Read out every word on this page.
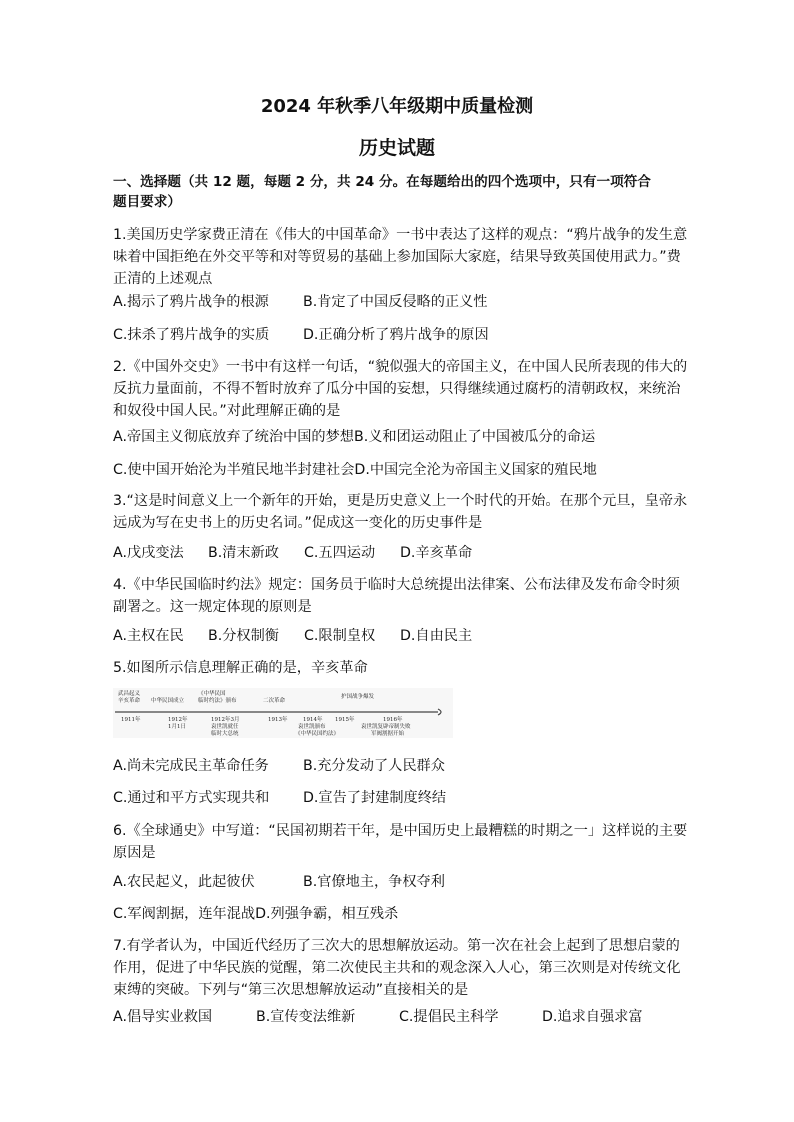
2024 年秋季八年级期中质量检测
历史试题
一、选择题（共 12 题，每题 2 分，共 24 分。在每题给出的四个选项中，只有一项符合
题目要求）

1.美国历史学家费正清在《伟大的中国革命》一书中表达了这样的观点：“鸦片战争的发生意味着中国拒绝在外交平等和对等贸易的基础上参加国际大家庭，结果导致英国使用武力。”费正清的上述观点

A.揭示了鸦片战争的根源 B.肯定了中国反侵略的正义性
C.抹杀了鸦片战争的实质 D.正确分析了鸦片战争的原因

2.《中国外交史》一书中有这样一句话，“貌似强大的帝国主义，在中国人民所表现的伟大的反抗力量面前，不得不暂时放弃了瓜分中国的妄想，只得继续通过腐朽的清朝政权，来统治和奴役中国人民。”对此理解正确的是

A.帝国主义彻底放弃了统治中国的梦想B.义和团运动阻止了中国被瓜分的命运
C.使中国开始沦为半殖民地半封建社会D.中国完全沦为帝国主义国家的殖民地

3.“这是时间意义上一个新年的开始，更是历史意义上一个时代的开始。在那个元旦，皇帝永远成为写在史书上的历史名词。”促成这一变化的历史事件是

A.戊戌变法 B.清末新政 C.五四运动 D.辛亥革命

4.《中华民国临时约法》规定：国务员于临时大总统提出法律案、公布法律及发布命令时须副署之。这一规定体现的原则是

A.主权在民 B.分权制衡 C.限制皇权 D.自由民主

5.如图所示信息理解正确的是，辛亥革命

武昌起义
辛亥革命 中华民国成立
《中华民国
临时约法》颁布	二次革命
护国战争爆发
1911年	1912年	1912年3月	1913年	1914年 1915年	1916年
1月1日	袁世凯就任
临时大总统
袁世凯颁布
《中华民国约法》
袁世凯复辟帝制失败
军阀割据开始
A.尚未完成民主革命任务 B.充分发动了人民群众
C.通过和平方式实现共和 D.宣告了封建制度终结

6.《全球通史》中写道：“民国初期若干年，是中国历史上最糟糕的时期之一」这样说的主要原因是

A.农民起义，此起彼伏	B.官僚地主，争权夺利
C.军阀割据，连年混战D.列强争霸，相互残杀

7.有学者认为，中国近代经历了三次大的思想解放运动。第一次在社会上起到了思想启蒙的作用，促进了中华民族的觉醒，第二次使民主共和的观念深入人心，第三次则是对传统文化束缚的突破。下列与“第三次思想解放运动”直接相关的是

A.倡导实业救国	B.宣传变法维新	C.提倡民主科学	D.追求自强求富
